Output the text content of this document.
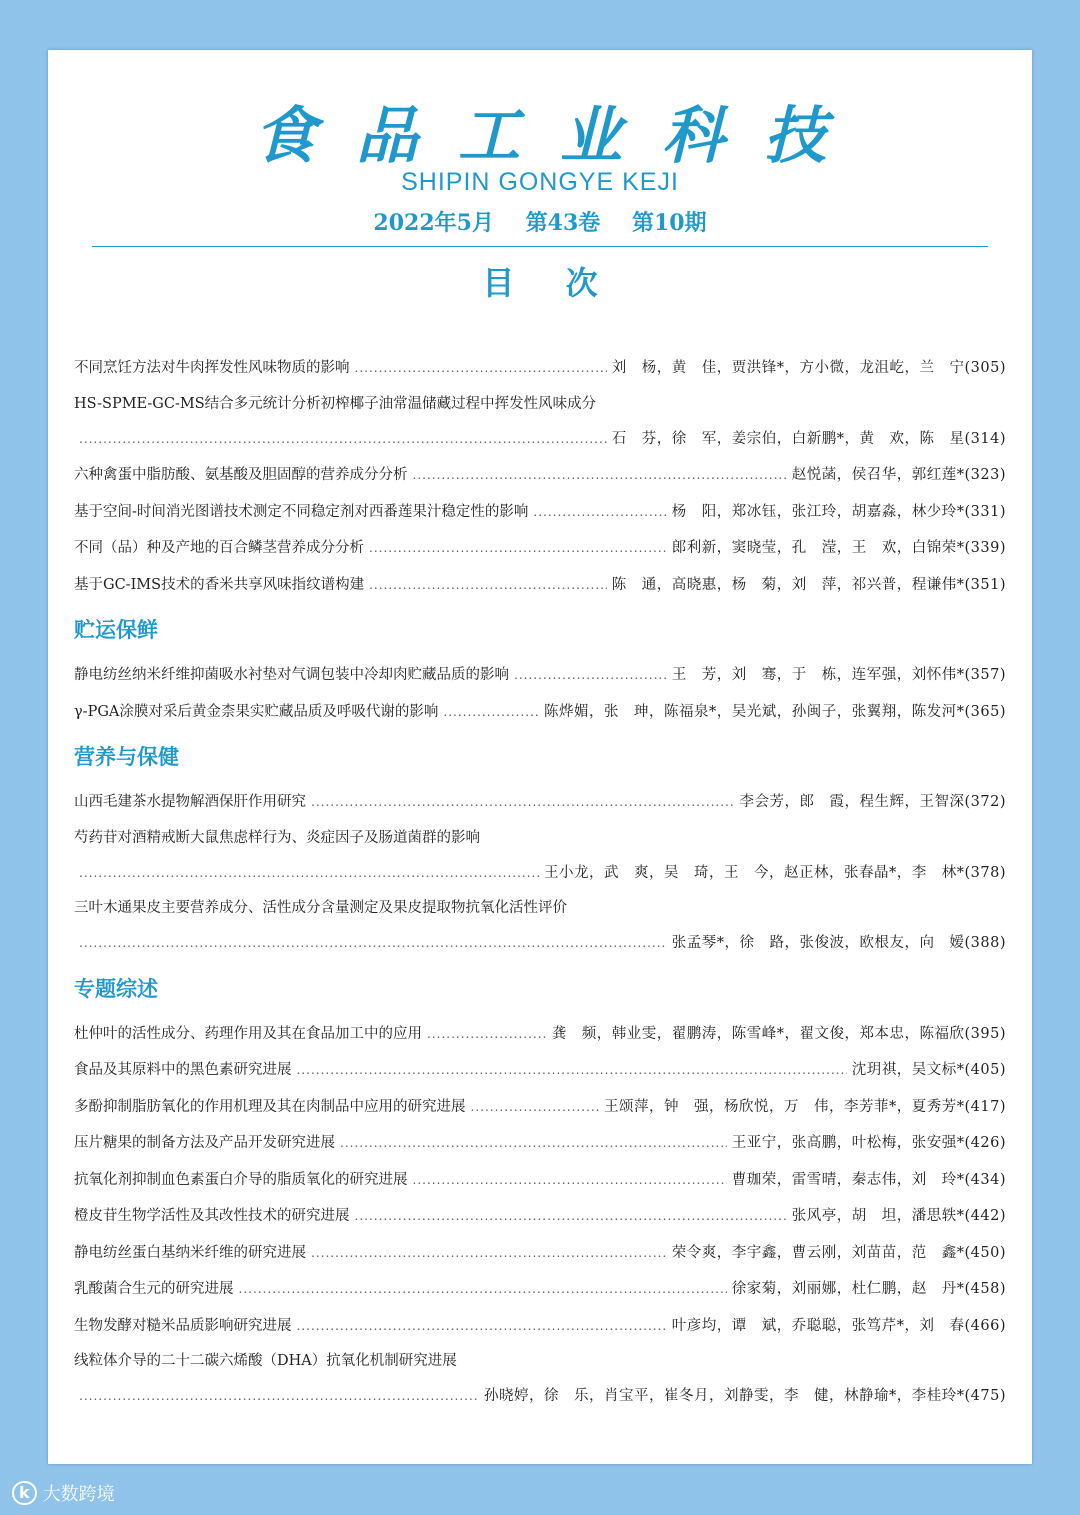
食品工业科技
SHIPIN GONGYE KEJI
2022年5月 第43卷 第10期
目 次
不同烹饪方法对牛肉挥发性风味物质的影响 .....	刘　杨，黄　佳，贾洪锋*，方小微，龙沮屹，兰　宁(305)
HS-SPME-GC-MS结合多元统计分析初榨椰子油常温储藏过程中挥发性风味成分
.....
石　芬，徐　军，姜宗伯，白新鹏*，黄　欢，陈　星(314)
六种禽蛋中脂肪酸、氨基酸及胆固醇的营养成分分析 .....	赵悦菡，侯召华，郭红莲*(323)
基于空间-时间消光图谱技术测定不同稳定剂对西番莲果汁稳定性的影响 .....	杨　阳，郑冰钰，张江玲，胡嘉淼，林少玲*(331)
不同（品）种及产地的百合鳞茎营养成分分析 .....	郎利新，窦晓莹，孔　滢，王　欢，白锦荣*(339)
基于GC-IMS技术的香米共享风味指纹谱构建 .....	陈　通，高晓惠，杨　菊，刘　萍，祁兴普，程谦伟*(351)
贮运保鲜
静电纺丝纳米纤维抑菌吸水衬垫对气调包装中冷却肉贮藏品质的影响 .....	王　芳，刘　骞，于　栋，连军强，刘怀伟*(357)
γ-PGA涂膜对采后黄金柰果实贮藏品质及呼吸代谢的影响 .....	陈烨媚，张　珅，陈福泉*，吴光斌，孙闽子，张翼翔，陈发河*(365)
营养与保健
山西毛建茶水提物解酒保肝作用研究 .....	李会芳，郎　霞，程生辉，王智深(372)
芍药苷对酒精戒断大鼠焦虑样行为、炎症因子及肠道菌群的影响
.....
王小龙，武　爽，吴　琦，王　今，赵正林，张春晶*，李　林*(378)
三叶木通果皮主要营养成分、活性成分含量测定及果皮提取物抗氧化活性评价
.....
张孟琴*，徐　路，张俊波，欧根友，向　嫒(388)
专题综述
杜仲叶的活性成分、药理作用及其在食品加工中的应用 .....	龚　频，韩业雯，翟鹏涛，陈雪峰*，翟文俊，郑本忠，陈福欣(395)
食品及其原料中的黑色素研究进展 .....	沈玥祺，吴文标*(405)
多酚抑制脂肪氧化的作用机理及其在肉制品中应用的研究进展 .....	王颂萍，钟　强，杨欣悦，万　伟，李芳菲*，夏秀芳*(417)
压片糖果的制备方法及产品开发研究进展 .....	王亚宁，张高鹏，叶松梅，张安强*(426)
抗氧化剂抑制血色素蛋白介导的脂质氧化的研究进展 .....	曹珈荣，雷雪晴，秦志伟，刘　玲*(434)
橙皮苷生物学活性及其改性技术的研究进展 .....	张风亭，胡　坦，潘思轶*(442)
静电纺丝蛋白基纳米纤维的研究进展 .....	荣令爽，李宇鑫，曹云刚，刘苗苗，范　鑫*(450)
乳酸菌合生元的研究进展 .....	徐家菊，刘丽娜，杜仁鹏，赵　丹*(458)
生物发酵对糙米品质影响研究进展 .....	叶彦均，谭　斌，乔聪聪，张笃芹*，刘　春(466)
线粒体介导的二十二碳六烯酸（DHA）抗氧化机制研究进展
.....
孙晓婷，徐　乐，肖宝平，崔冬月，刘静雯，李　健，林静瑜*，李桂玲*(475)
k 大数跨境
